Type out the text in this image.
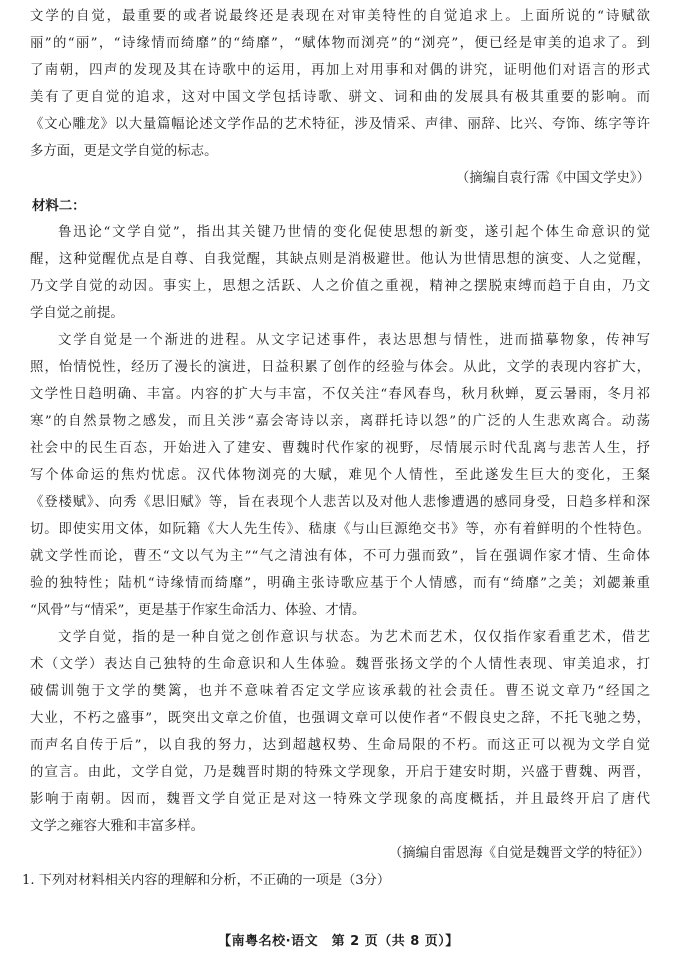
文学的自觉，最重要的或者说最终还是表现在对审美特性的自觉追求上。上面所说的“诗赋欲
丽”的“丽”，“诗缘情而绮靡”的“绮靡”，“赋体物而浏亮”的“浏亮”，便已经是审美的追求了。到
了南朝，四声的发现及其在诗歌中的运用，再加上对用事和对偶的讲究，证明他们对语言的形式
美有了更自觉的追求，这对中国文学包括诗歌、骈文、词和曲的发展具有极其重要的影响。而
《文心雕龙》以大量篇幅论述文学作品的艺术特征，涉及情采、声律、丽辞、比兴、夸饰、练字等许
多方面，更是文学自觉的标志。
（摘编自袁行霈《中国文学史》）
材料二：
鲁迅论“文学自觉”，指出其关键乃世情的变化促使思想的新变，遂引起个体生命意识的觉
醒，这种觉醒优点是自尊、自我觉醒，其缺点则是消极避世。他认为世情思想的演变、人之觉醒，
乃文学自觉的动因。事实上，思想之活跃、人之价值之重视，精神之摆脱束缚而趋于自由，乃文
学自觉之前提。
文学自觉是一个渐进的进程。从文字记述事件，表达思想与情性，进而描摹物象，传神写
照，怡情悦性，经历了漫长的演进，日益积累了创作的经验与体会。从此，文学的表现内容扩大，
文学性日趋明确、丰富。内容的扩大与丰富，不仅关注“春风春鸟，秋月秋蝉，夏云暑雨，冬月祁
寒”的自然景物之感发，而且关涉“嘉会寄诗以亲，离群托诗以怨”的广泛的人生悲欢离合。动荡
社会中的民生百态，开始进入了建安、曹魏时代作家的视野，尽情展示时代乱离与悲苦人生，抒
写个体命运的焦灼忧虑。汉代体物浏亮的大赋，难见个人情性，至此遂发生巨大的变化，王粲
《登楼赋》、向秀《思旧赋》等，旨在表现个人悲苦以及对他人悲惨遭遇的感同身受，日趋多样和深
切。即使实用文体，如阮籍《大人先生传》、嵇康《与山巨源绝交书》等，亦有着鲜明的个性特色。
就文学性而论，曹丕“文以气为主”“气之清浊有体，不可力强而致”，旨在强调作家才情、生命体
验的独特性；陆机“诗缘情而绮靡”，明确主张诗歌应基于个人情感，而有“绮靡”之美；刘勰兼重
“风骨”与“情采”，更是基于作家生命活力、体验、才情。
文学自觉，指的是一种自觉之创作意识与状态。为艺术而艺术，仅仅指作家看重艺术，借艺
术（文学）表达自己独特的生命意识和人生体验。魏晋张扬文学的个人情性表现、审美追求，打
破儒训匏于文学的樊篱，也并不意味着否定文学应该承载的社会责任。曹丕说文章乃“经国之
大业，不朽之盛事”，既突出文章之价值，也强调文章可以使作者“不假良史之辞，不托飞驰之势，
而声名自传于后”，以自我的努力，达到超越权势、生命局限的不朽。而这正可以视为文学自觉
的宣言。由此，文学自觉，乃是魏晋时期的特殊文学现象，开启于建安时期，兴盛于曹魏、两晋，
影响于南朝。因而，魏晋文学自觉正是对这一特殊文学现象的高度概括，并且最终开启了唐代
文学之雍容大雅和丰富多样。
（摘编自雷恩海《自觉是魏晋文学的特征》）
1. 下列对材料相关内容的理解和分析，不正确的一项是（3分）
【南粤名校·语文　第 2 页（共 8 页）】
